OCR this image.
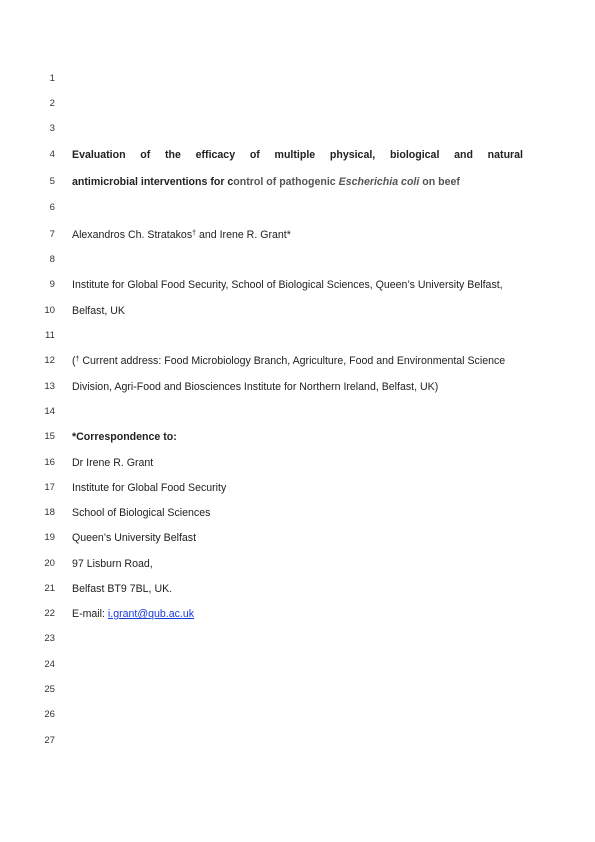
1
2
3
4 Evaluation of the efficacy of multiple physical, biological and natural
5 antimicrobial interventions for control of pathogenic Escherichia coli on beef
6
7 Alexandros Ch. Stratakos† and Irene R. Grant*
8
9 Institute for Global Food Security, School of Biological Sciences, Queen’s University Belfast,
10 Belfast, UK
11
12 († Current address: Food Microbiology Branch, Agriculture, Food and Environmental Science
13 Division, Agri-Food and Biosciences Institute for Northern Ireland, Belfast, UK)
14
15 *Correspondence to:
16 Dr Irene R. Grant
17 Institute for Global Food Security
18 School of Biological Sciences
19 Queen’s University Belfast
20 97 Lisburn Road,
21 Belfast BT9 7BL, UK.
22 E-mail: i.grant@qub.ac.uk
23
24
25
26
27
